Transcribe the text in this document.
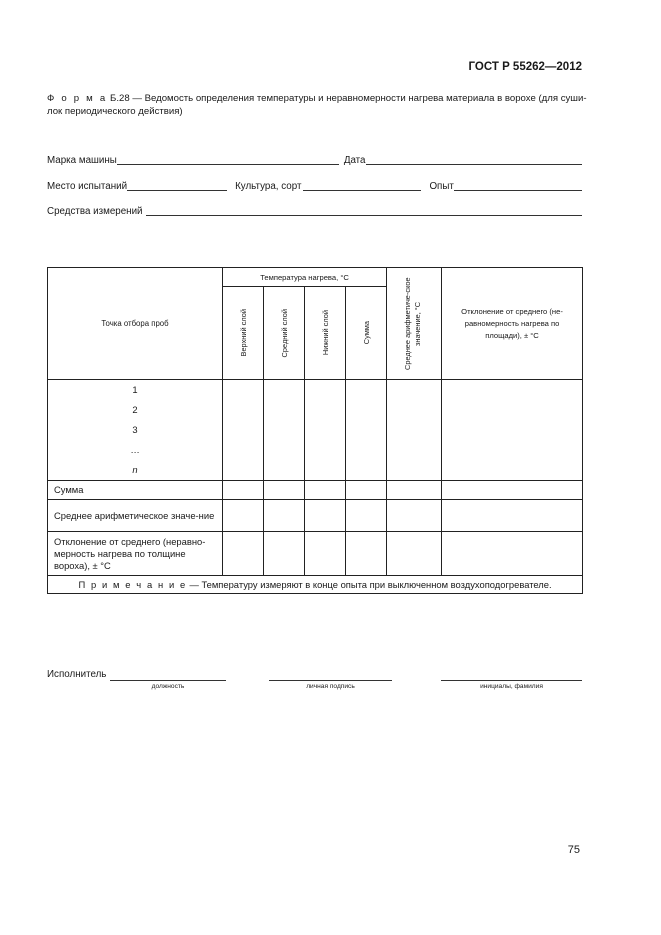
ГОСТ Р 55262—2012
Ф о р м а Б.28 — Ведомость определения температуры и неравномерности нагрева материала в ворохе (для суши-лок периодического действия)
Марка машины	Дата
Место испытаний	Культура, сорт	Опыт
Средства измерений
Точка отбора проб	Температура нагрева, °С				Среднее арифметиче-ское значение, °С	Отклонение от среднего (не-равномерность нагрева по площади), ± °С

	Верхний слой	Средний слой	Нижний слой	Сумма		

1
2
3
…
n						

Сумма						
Среднее арифметическое значе-ние						
Отклонение от среднего (неравно-мерность нагрева по толщине вороха), ± °С						
П р и м е ч а н и е — Температуру измеряют в конце опыта при выключенном воздухоподогревателе.						
Исполнитель
должность	личная подпись	инициалы, фамилия
75
